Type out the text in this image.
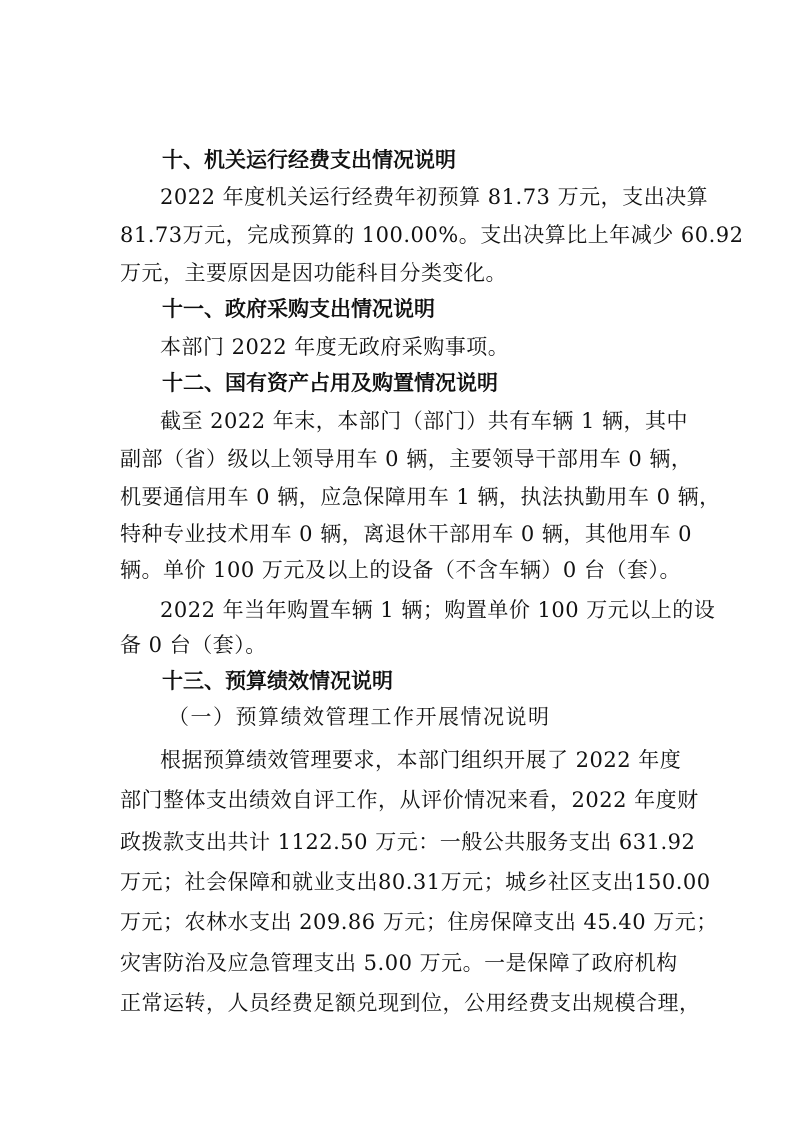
十、机关运行经费支出情况说明
2022 年度机关运行经费年初预算 81.73 万元，支出决算
81.73万元，完成预算的 100.00%。支出决算比上年减少 60.92
万元，主要原因是因功能科目分类变化。
十一、政府采购支出情况说明
本部门 2022 年度无政府采购事项。
十二、国有资产占用及购置情况说明
截至 2022 年末，本部门（部门）共有车辆 1 辆，其中
副部（省）级以上领导用车 0 辆，主要领导干部用车 0 辆，
机要通信用车 0 辆，应急保障用车 1 辆，执法执勤用车 0 辆，
特种专业技术用车 0 辆，离退休干部用车 0 辆，其他用车 0
辆。单价 100 万元及以上的设备（不含车辆）0 台（套）。
2022 年当年购置车辆 1 辆；购置单价 100 万元以上的设
备 0 台（套）。
十三、预算绩效情况说明
（一）预算绩效管理工作开展情况说明
根据预算绩效管理要求，本部门组织开展了 2022 年度
部门整体支出绩效自评工作，从评价情况来看，2022 年度财
政拨款支出共计 1122.50 万元：一般公共服务支出 631.92
万元；社会保障和就业支出80.31万元；城乡社区支出150.00
万元；农林水支出 209.86 万元；住房保障支出 45.40 万元；
灾害防治及应急管理支出 5.00 万元。一是保障了政府机构
正常运转，人员经费足额兑现到位，公用经费支出规模合理，
